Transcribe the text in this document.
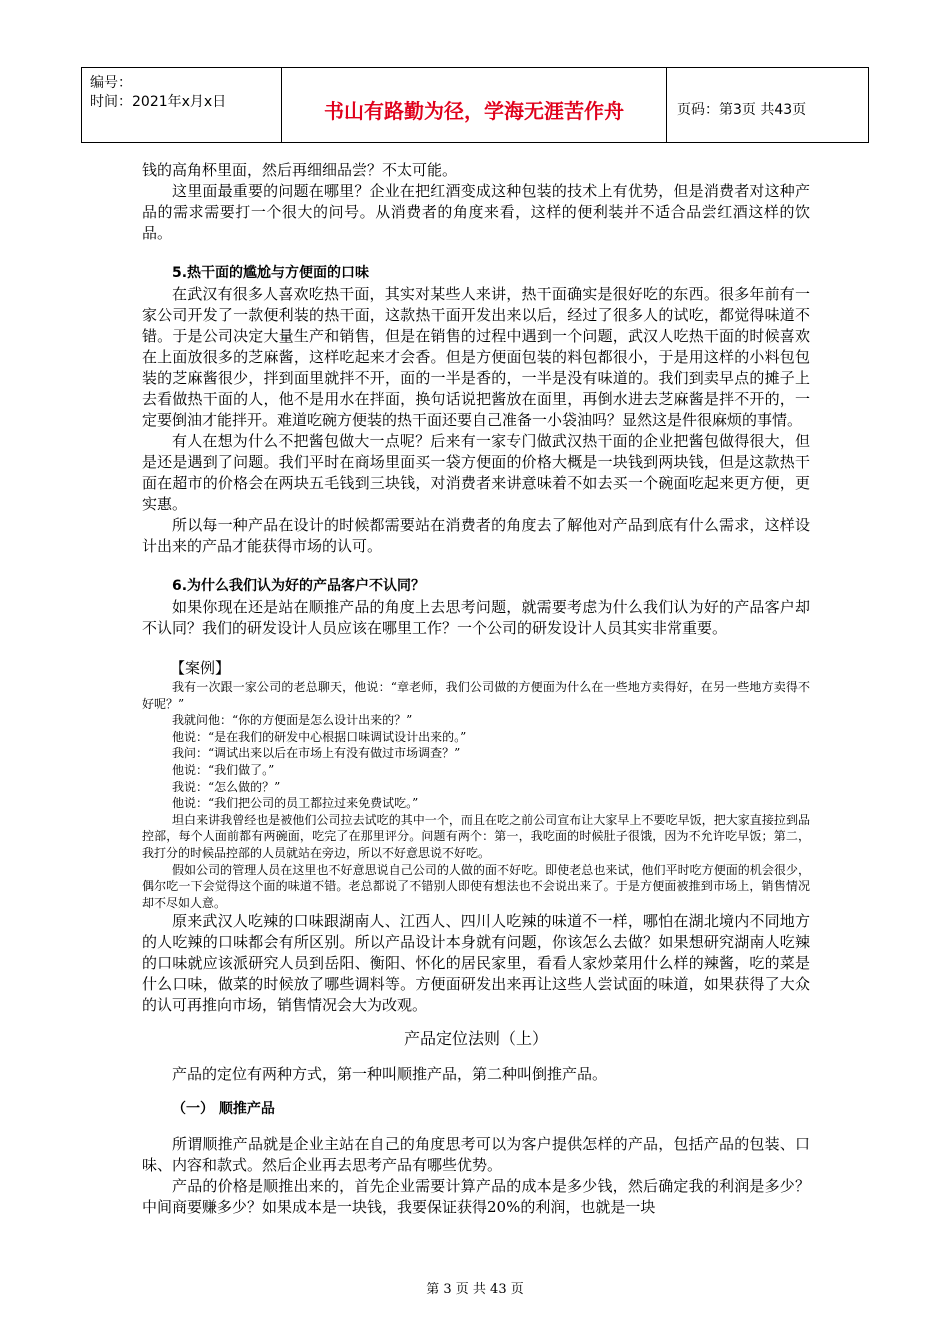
编号：
时间：2021年x月x日	书山有路勤为径，学海无涯苦作舟	页码：第3页 共43页

钱的高角杯里面，然后再细细品尝？不太可能。

这里面最重要的问题在哪里？企业在把红酒变成这种包装的技术上有优势，但是消费者对这种产品的需求需要打一个很大的问号。从消费者的角度来看，这样的便利装并不适合品尝红酒这样的饮品。

5.热干面的尴尬与方便面的口味

在武汉有很多人喜欢吃热干面，其实对某些人来讲，热干面确实是很好吃的东西。很多年前有一家公司开发了一款便利装的热干面，这款热干面开发出来以后，经过了很多人的试吃，都觉得味道不错。于是公司决定大量生产和销售，但是在销售的过程中遇到一个问题，武汉人吃热干面的时候喜欢在上面放很多的芝麻酱，这样吃起来才会香。但是方便面包装的料包都很小，于是用这样的小料包包装的芝麻酱很少，拌到面里就拌不开，面的一半是香的，一半是没有味道的。我们到卖早点的摊子上去看做热干面的人，他不是用水在拌面，换句话说把酱放在面里，再倒水进去芝麻酱是拌不开的，一定要倒油才能拌开。难道吃碗方便装的热干面还要自己准备一小袋油吗？显然这是件很麻烦的事情。

有人在想为什么不把酱包做大一点呢？后来有一家专门做武汉热干面的企业把酱包做得很大，但是还是遇到了问题。我们平时在商场里面买一袋方便面的价格大概是一块钱到两块钱，但是这款热干面在超市的价格会在两块五毛钱到三块钱，对消费者来讲意味着不如去买一个碗面吃起来更方便，更实惠。

所以每一种产品在设计的时候都需要站在消费者的角度去了解他对产品到底有什么需求，这样设计出来的产品才能获得市场的认可。

6.为什么我们认为好的产品客户不认同？

如果你现在还是站在顺推产品的角度上去思考问题，就需要考虑为什么我们认为好的产品客户却不认同？我们的研发设计人员应该在哪里工作？一个公司的研发设计人员其实非常重要。

【案例】

我有一次跟一家公司的老总聊天，他说：“章老师，我们公司做的方便面为什么在一些地方卖得好，在另一些地方卖得不好呢？”

我就问他：“你的方便面是怎么设计出来的？”

他说：“是在我们的研发中心根据口味调试设计出来的。”

我问：“调试出来以后在市场上有没有做过市场调查？”

他说：“我们做了。”

我说：“怎么做的？”

他说：“我们把公司的员工都拉过来免费试吃。”

坦白来讲我曾经也是被他们公司拉去试吃的其中一个，而且在吃之前公司宣布让大家早上不要吃早饭，把大家直接拉到品控部，每个人面前都有两碗面，吃完了在那里评分。问题有两个：第一，我吃面的时候肚子很饿，因为不允许吃早饭；第二，我打分的时候品控部的人员就站在旁边，所以不好意思说不好吃。

假如公司的管理人员在这里也不好意思说自己公司的人做的面不好吃。即使老总也来试，他们平时吃方便面的机会很少，偶尔吃一下会觉得这个面的味道不错。老总都说了不错别人即使有想法也不会说出来了。于是方便面被推到市场上，销售情况却不尽如人意。

原来武汉人吃辣的口味跟湖南人、江西人、四川人吃辣的味道不一样，哪怕在湖北境内不同地方的人吃辣的口味都会有所区别。所以产品设计本身就有问题，你该怎么去做？如果想研究湖南人吃辣的口味就应该派研究人员到岳阳、衡阳、怀化的居民家里，看看人家炒菜用什么样的辣酱，吃的菜是什么口味，做菜的时候放了哪些调料等。方便面研发出来再让这些人尝试面的味道，如果获得了大众的认可再推向市场，销售情况会大为改观。

产品定位法则（上）

产品的定位有两种方式，第一种叫顺推产品，第二种叫倒推产品。

（一） 顺推产品

所谓顺推产品就是企业主站在自己的角度思考可以为客户提供怎样的产品，包括产品的包装、口味、内容和款式。然后企业再去思考产品有哪些优势。

产品的价格是顺推出来的，首先企业需要计算产品的成本是多少钱，然后确定我的利润是多少？中间商要赚多少？如果成本是一块钱，我要保证获得20%的利润，也就是一块

第 3 页 共 43 页
